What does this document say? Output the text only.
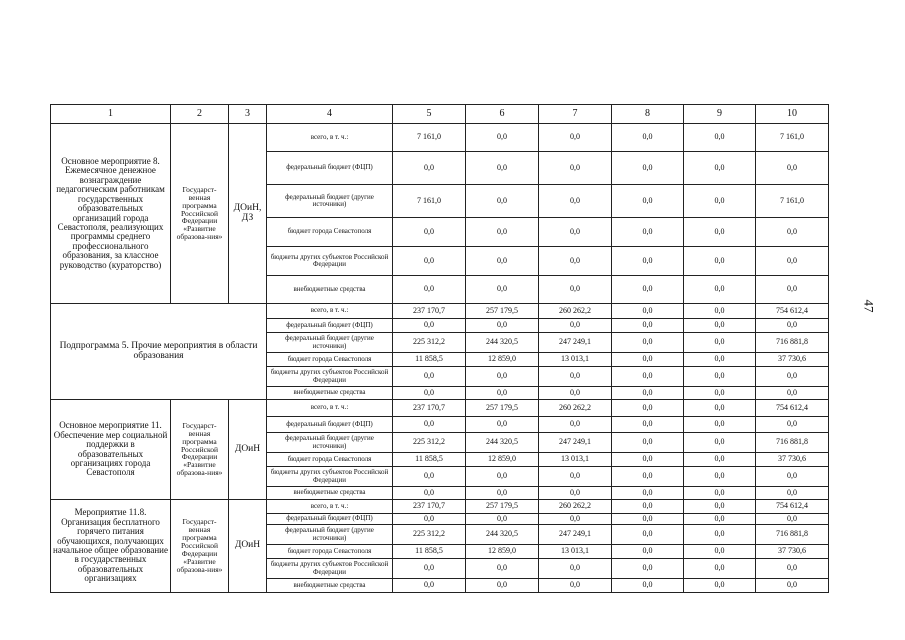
47
1	2	3	4	5	6	7	8	9	10
Основное мероприятие 8. Ежемесячное денежное вознаграждение педагогическим работникам государственных образовательных организаций города Севастополя, реализующих программы среднего профессионального образования, за классное руководство (кураторство)	Государст-венная программа Российской Федерации «Развитие образова-ния»	ДОиН, ДЗ	всего, в т. ч.:	7 161,0	0,0	0,0	0,0	0,0	7 161,0
			федеральный бюджет (ФЦП)	0,0	0,0	0,0	0,0	0,0	0,0
			федеральный бюджет (другие источники)	7 161,0	0,0	0,0	0,0	0,0	7 161,0
			бюджет города Севастополя	0,0	0,0	0,0	0,0	0,0	0,0
			бюджеты других субъектов Российской Федерации	0,0	0,0	0,0	0,0	0,0	0,0
			внебюджетные средства	0,0	0,0	0,0	0,0	0,0	0,0
Подпрограмма 5. Прочие мероприятия в области образования			всего, в т. ч.:	237 170,7	257 179,5	260 262,2	0,0	0,0	754 612,4
			федеральный бюджет (ФЦП)	0,0	0,0	0,0	0,0	0,0	0,0
			федеральный бюджет (другие источники)	225 312,2	244 320,5	247 249,1	0,0	0,0	716 881,8
			бюджет города Севастополя	11 858,5	12 859,0	13 013,1	0,0	0,0	37 730,6
			бюджеты других субъектов Российской Федерации	0,0	0,0	0,0	0,0	0,0	0,0
			внебюджетные средства	0,0	0,0	0,0	0,0	0,0	0,0
Основное мероприятие 11. Обеспечение мер социальной поддержки в образовательных организациях города Севастополя	Государст-венная программа Российской Федерации «Развитие образова-ния»	ДОиН	всего, в т. ч.:	237 170,7	257 179,5	260 262,2	0,0	0,0	754 612,4
			федеральный бюджет (ФЦП)	0,0	0,0	0,0	0,0	0,0	0,0
			федеральный бюджет (другие источники)	225 312,2	244 320,5	247 249,1	0,0	0,0	716 881,8
			бюджет города Севастополя	11 858,5	12 859,0	13 013,1	0,0	0,0	37 730,6
			бюджеты других субъектов Российской Федерации	0,0	0,0	0,0	0,0	0,0	0,0
			внебюджетные средства	0,0	0,0	0,0	0,0	0,0	0,0
Мероприятие 11.8. Организация бесплатного горячего питания обучающихся, получающих начальное общее образование в государственных образовательных организациях	Государст-венная программа Российской Федерации «Развитие образова-ния»	ДОиН	всего, в т. ч.:	237 170,7	257 179,5	260 262,2	0,0	0,0	754 612,4
			федеральный бюджет (ФЦП)	0,0	0,0	0,0	0,0	0,0	0,0
			федеральный бюджет (другие источники)	225 312,2	244 320,5	247 249,1	0,0	0,0	716 881,8
			бюджет города Севастополя	11 858,5	12 859,0	13 013,1	0,0	0,0	37 730,6
			бюджеты других субъектов Российской Федерации	0,0	0,0	0,0	0,0	0,0	0,0
			внебюджетные средства	0,0	0,0	0,0	0,0	0,0	0,0
